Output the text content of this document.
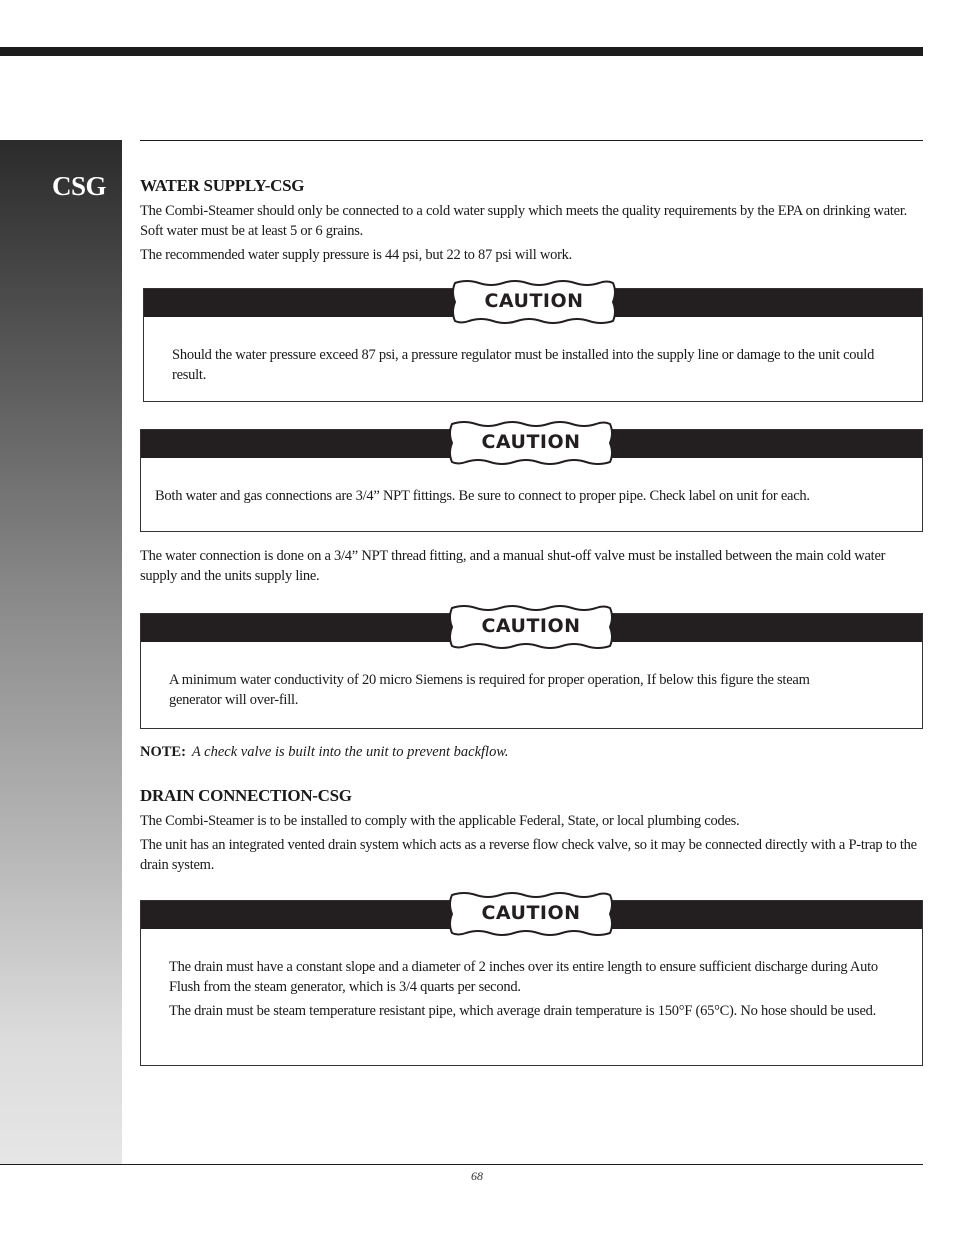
CSG WATER SUPPLY-CSG

The Combi-Steamer should only be connected to a cold water supply which meets the quality requirements by the EPA on drinking water. Soft water must be at least 5 or 6 grains.

The recommended water supply pressure is 44 psi, but 22 to 87 psi will work.

CAUTION

Should the water pressure exceed 87 psi, a pressure regulator must be installed into the supply line or damage to the unit could result.

CAUTION

Both water and gas connections are 3/4” NPT fittings. Be sure to connect to proper pipe. Check label on unit for each.

The water connection is done on a 3/4” NPT thread fitting, and a manual shut-off valve must be installed between the main cold water supply and the units supply line.

CAUTION

A minimum water conductivity of 20 micro Siemens is required for proper operation, If below this figure the steam generator will over-fill.

NOTE: A check valve is built into the unit to prevent backflow.
DRAIN CONNECTION-CSG

The Combi-Steamer is to be installed to comply with the applicable Federal, State, or local plumbing codes.

The unit has an integrated vented drain system which acts as a reverse flow check valve, so it may be connected directly with a P-trap to the drain system.

CAUTION

The drain must have a constant slope and a diameter of 2 inches over its entire length to ensure sufficient discharge during Auto Flush from the steam generator, which is 3/4 quarts per second.

The drain must be steam temperature resistant pipe, which average drain temperature is 150°F (65°C). No hose should be used.

68
